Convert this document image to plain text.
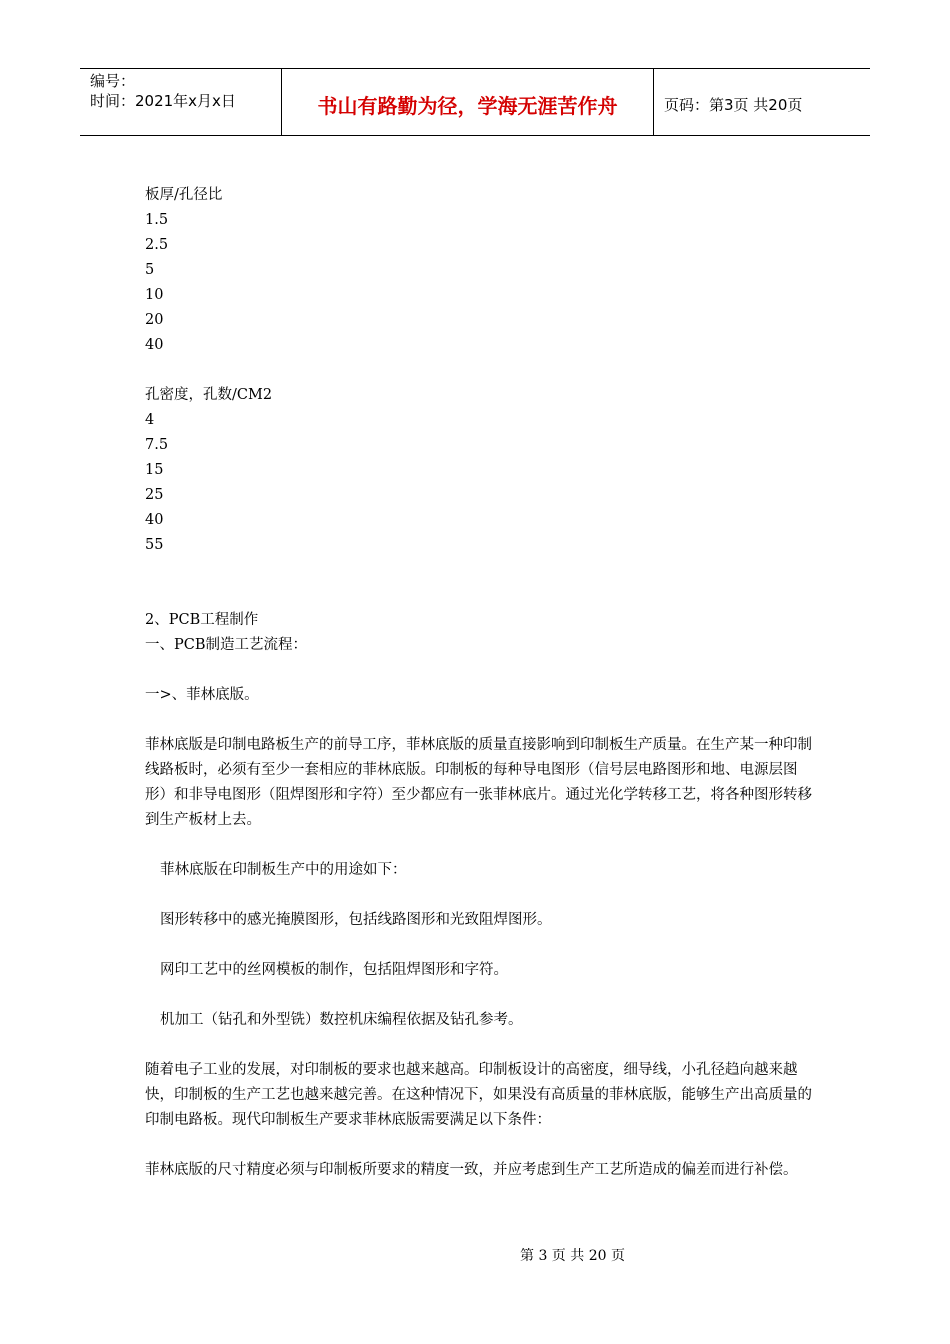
编号：
时间：2021年x月x日	书山有路勤为径，学海无涯苦作舟	页码：第3页 共20页
板厚/孔径比
1.5
2.5
5
10
20
40
孔密度，孔数/CM2
4
7.5
15
25
40
55
2、PCB工程制作
一、PCB制造工艺流程：
一>、菲林底版。

菲林底版是印制电路板生产的前导工序，菲林底版的质量直接影响到印制板生产质量。在生产某一种印制线路板时，必须有至少一套相应的菲林底版。印制板的每种导电图形（信号层电路图形和地、电源层图形）和非导电图形（阻焊图形和字符）至少都应有一张菲林底片。通过光化学转移工艺，将各种图形转移到生产板材上去。

菲林底版在印制板生产中的用途如下：
图形转移中的感光掩膜图形，包括线路图形和光致阻焊图形。
网印工艺中的丝网模板的制作，包括阻焊图形和字符。
机加工（钻孔和外型铣）数控机床编程依据及钻孔参考。

随着电子工业的发展，对印制板的要求也越来越高。印制板设计的高密度，细导线，小孔径趋向越来越快，印制板的生产工艺也越来越完善。在这种情况下，如果没有高质量的菲林底版，能够生产出高质量的印制电路板。现代印制板生产要求菲林底版需要满足以下条件：

菲林底版的尺寸精度必须与印制板所要求的精度一致，并应考虑到生产工艺所造成的偏差而进行补偿。

第 3 页 共 20 页
